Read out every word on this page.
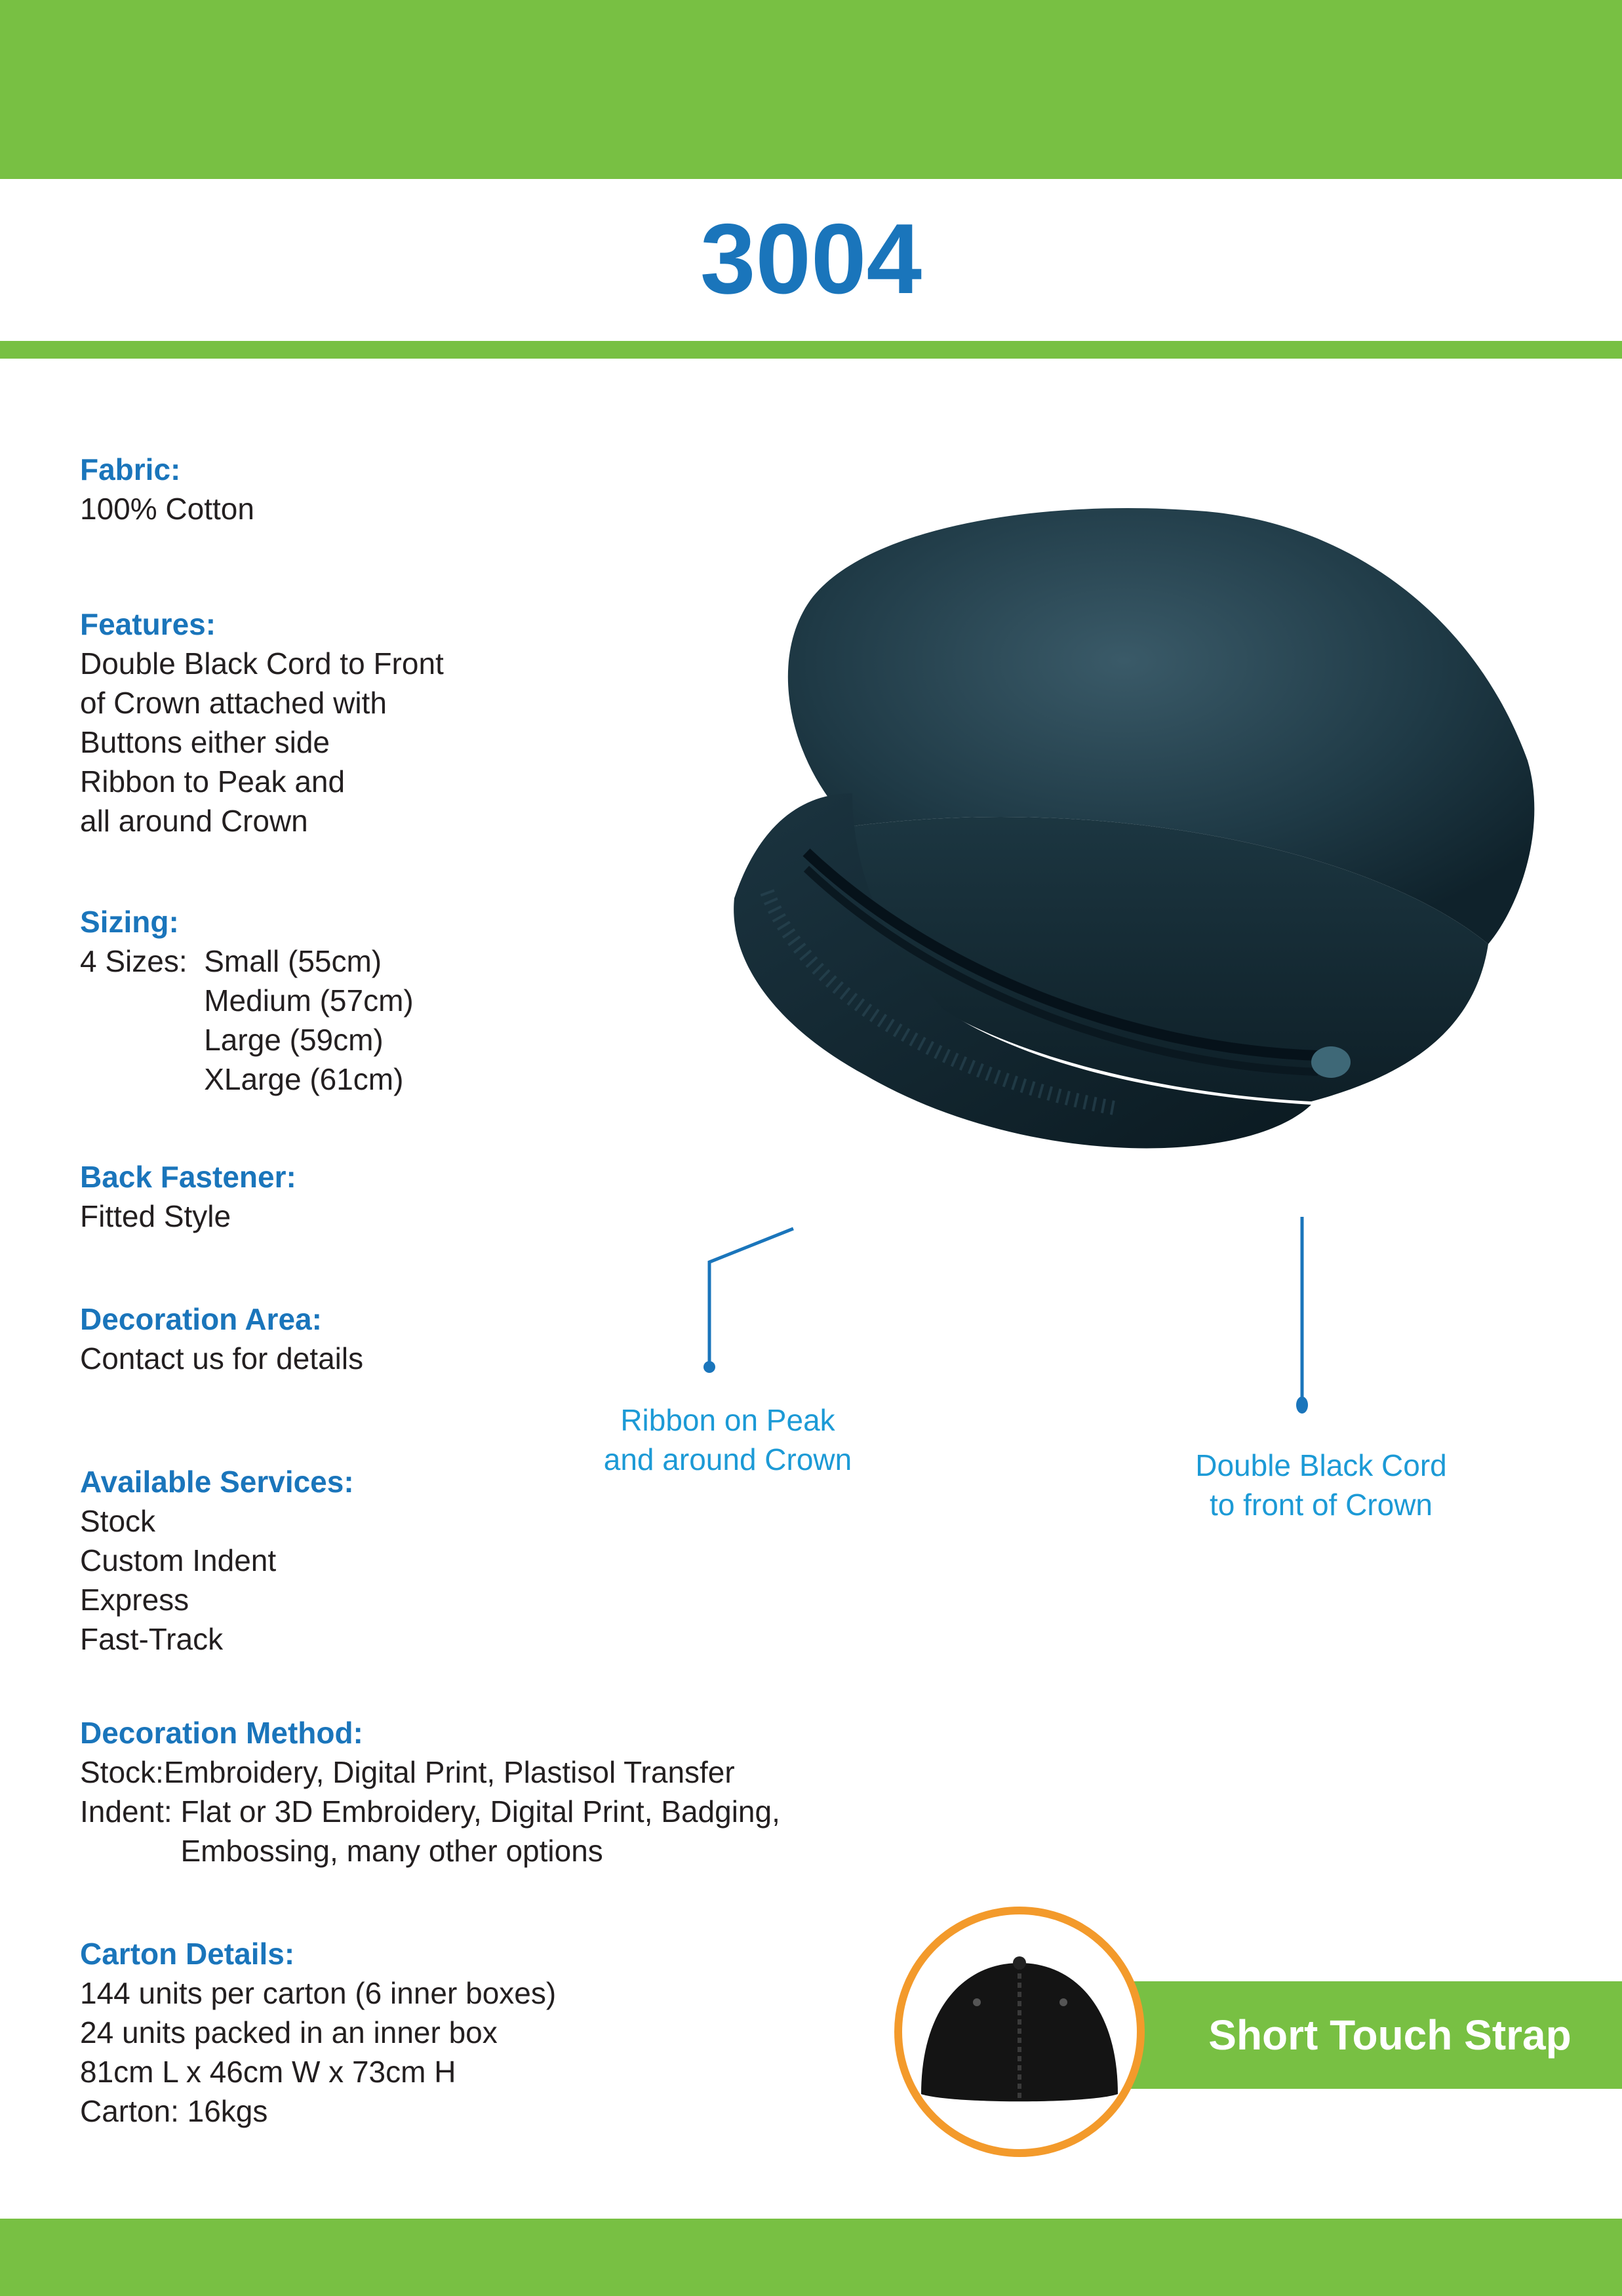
3004
Fabric:
100% Cotton
Features:
Double Black Cord to Front
of Crown attached with
Buttons either side
Ribbon to Peak and
all around Crown
Sizing:
4 Sizes: Small (55cm)
Medium (57cm)
Large (59cm)
XLarge (61cm)
Back Fastener:
Fitted Style
Decoration Area:
Contact us for details
Available Services:
Stock
Custom Indent
Express
Fast-Track
Decoration Method:
Stock: Embroidery, Digital Print, Plastisol Transfer
Indent: Flat or 3D Embroidery, Digital Print, Badging,
Embossing, many other options
Carton Details:
144 units per carton (6 inner boxes)
24 units packed in an inner box
81cm L x 46cm W x 73cm H
Carton: 16kgs
Ribbon on Peak
and around Crown	Double Black Cord
to front of Crown
Short Touch Strap
